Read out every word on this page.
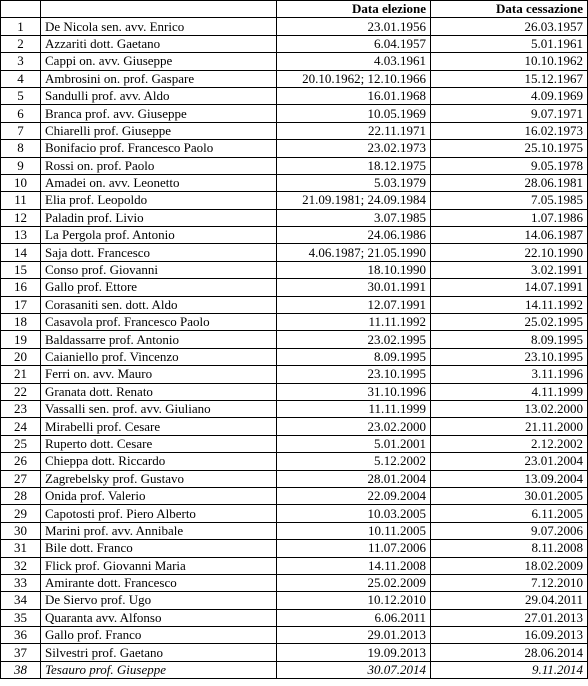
		Data elezione	Data cessazione
1	De Nicola sen. avv. Enrico	23.01.1956	26.03.1957
2	Azzariti dott. Gaetano	6.04.1957	5.01.1961
3	Cappi on. avv. Giuseppe	4.03.1961	10.10.1962
4	Ambrosini on. prof. Gaspare	20.10.1962; 12.10.1966	15.12.1967
5	Sandulli prof. avv. Aldo	16.01.1968	4.09.1969
6	Branca prof. avv. Giuseppe	10.05.1969	9.07.1971
7	Chiarelli prof. Giuseppe	22.11.1971	16.02.1973
8	Bonifacio prof. Francesco Paolo	23.02.1973	25.10.1975
9	Rossi on. prof. Paolo	18.12.1975	9.05.1978
10	Amadei on. avv. Leonetto	5.03.1979	28.06.1981
11	Elia prof. Leopoldo	21.09.1981; 24.09.1984	7.05.1985
12	Paladin prof. Livio	3.07.1985	1.07.1986
13	La Pergola prof. Antonio	24.06.1986	14.06.1987
14	Saja dott. Francesco	4.06.1987; 21.05.1990	22.10.1990
15	Conso prof. Giovanni	18.10.1990	3.02.1991
16	Gallo prof. Ettore	30.01.1991	14.07.1991
17	Corasaniti sen. dott. Aldo	12.07.1991	14.11.1992
18	Casavola prof. Francesco Paolo	11.11.1992	25.02.1995
19	Baldassarre prof. Antonio	23.02.1995	8.09.1995
20	Caianiello prof. Vincenzo	8.09.1995	23.10.1995
21	Ferri on. avv. Mauro	23.10.1995	3.11.1996
22	Granata dott. Renato	31.10.1996	4.11.1999
23	Vassalli sen. prof. avv. Giuliano	11.11.1999	13.02.2000
24	Mirabelli prof. Cesare	23.02.2000	21.11.2000
25	Ruperto dott. Cesare	5.01.2001	2.12.2002
26	Chieppa dott. Riccardo	5.12.2002	23.01.2004
27	Zagrebelsky prof. Gustavo	28.01.2004	13.09.2004
28	Onida prof. Valerio	22.09.2004	30.01.2005
29	Capotosti prof. Piero Alberto	10.03.2005	6.11.2005
30	Marini prof. avv. Annibale	10.11.2005	9.07.2006
31	Bile dott. Franco	11.07.2006	8.11.2008
32	Flick prof. Giovanni Maria	14.11.2008	18.02.2009
33	Amirante dott. Francesco	25.02.2009	7.12.2010
34	De Siervo prof. Ugo	10.12.2010	29.04.2011
35	Quaranta avv. Alfonso	6.06.2011	27.01.2013
36	Gallo prof. Franco	29.01.2013	16.09.2013
37	Silvestri prof. Gaetano	19.09.2013	28.06.2014
38	Tesauro prof. Giuseppe	30.07.2014	9.11.2014
